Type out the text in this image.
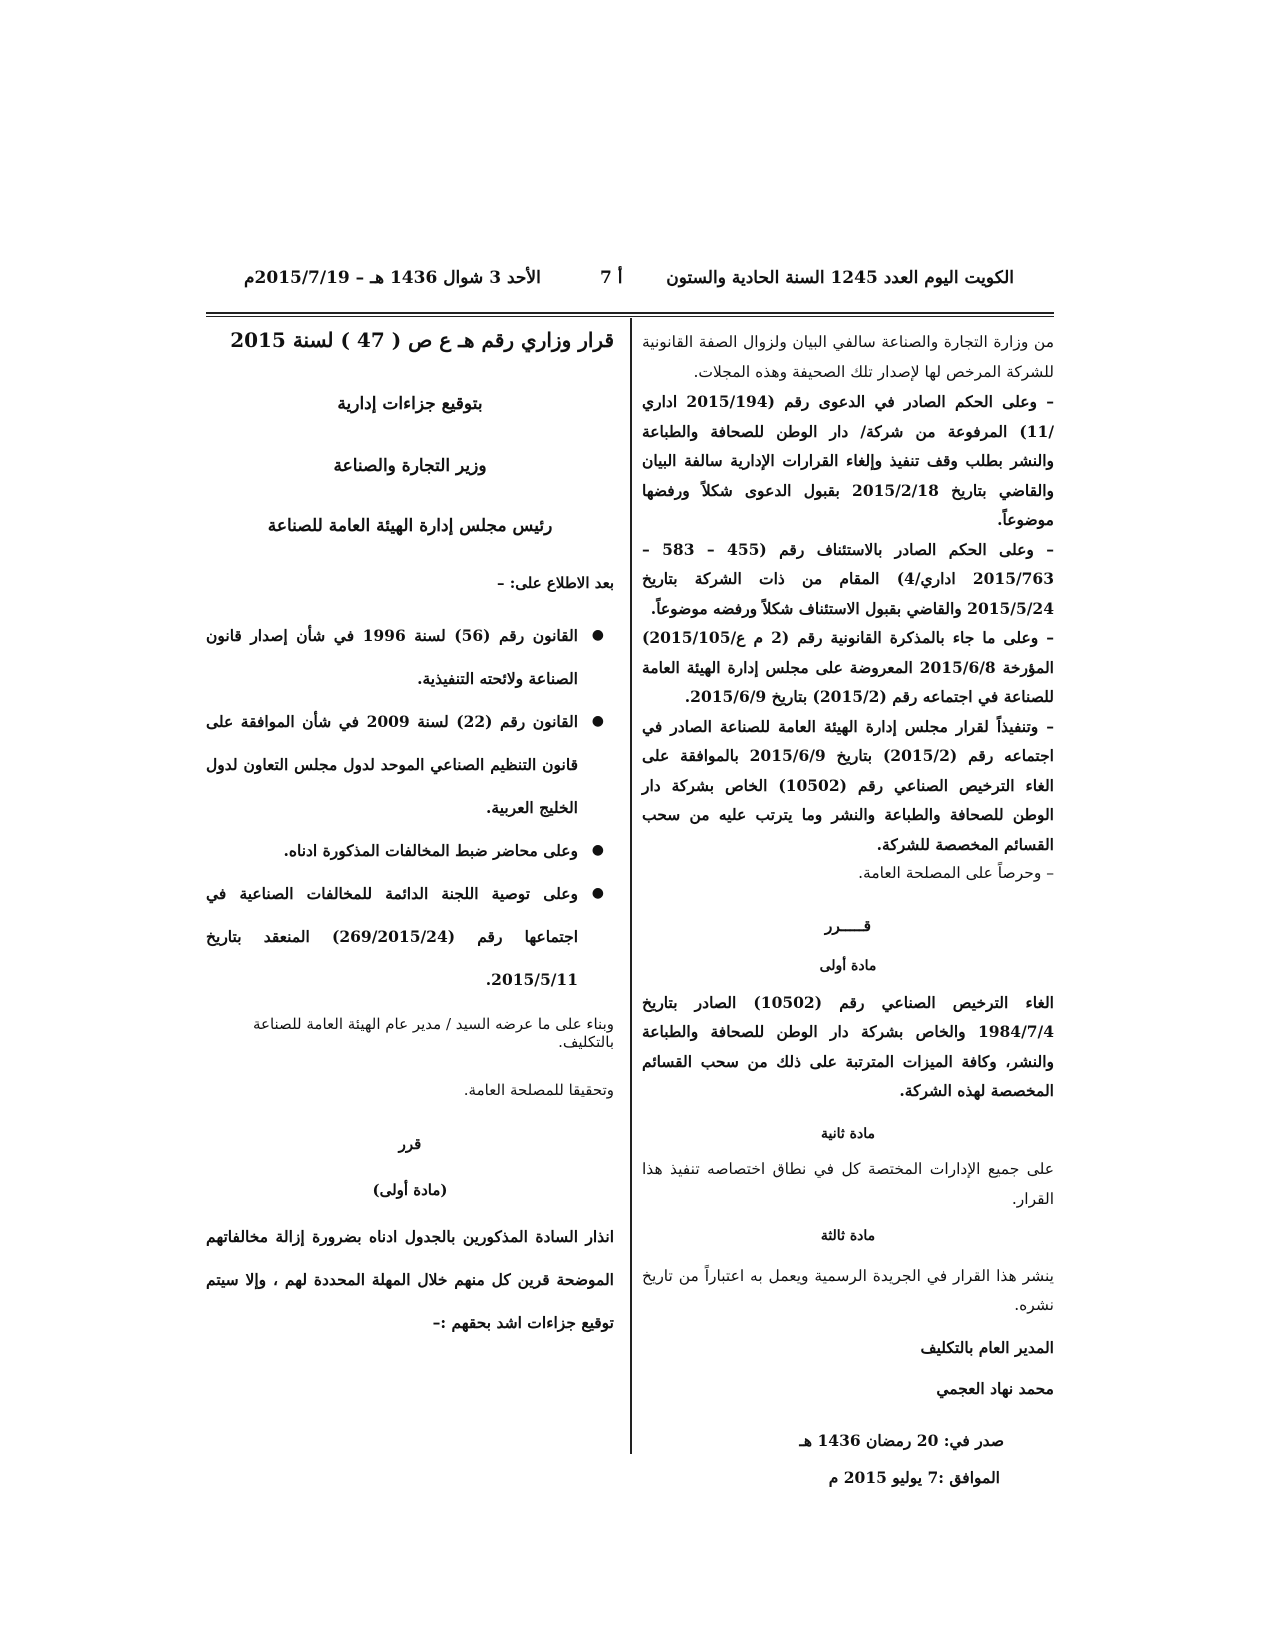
الكويت اليوم العدد 1245 السنة الحادية والستون
أ 7
الأحد 3 شوال 1436 هـ – 2015/7/19م

من وزارة التجارة والصناعة سالفي البيان ولزوال الصفة القانونية للشركة المرخص لها لإصدار تلك الصحيفة وهذه المجلات.

– وعلى الحكم الصادر في الدعوى رقم (2015/194 اداري /11) المرفوعة من شركة/ دار الوطن للصحافة والطباعة والنشر بطلب وقف تنفيذ وإلغاء القرارات الإدارية سالفة البيان والقاضي بتاريخ 2015/2/18 بقبول الدعوى شكلاً ورفضها موضوعاً.

– وعلى الحكم الصادر بالاستئناف رقم (455 – 583 – 2015/763 اداري/4) المقام من ذات الشركة بتاريخ 2015/5/24 والقاضي بقبول الاستئناف شكلاً ورفضه موضوعاً.

– وعلى ما جاء بالمذكرة القانونية رقم (2 م ع/2015/105) المؤرخة 2015/6/8 المعروضة على مجلس إدارة الهيئة العامة للصناعة في اجتماعه رقم (2015/2) بتاريخ 2015/6/9.

– وتنفيذاً لقرار مجلس إدارة الهيئة العامة للصناعة الصادر في اجتماعه رقم (2015/2) بتاريخ 2015/6/9 بالموافقة على الغاء الترخيص الصناعي رقم (10502) الخاص بشركة دار الوطن للصحافة والطباعة والنشر وما يترتب عليه من سحب القسائم المخصصة للشركة.

– وحرصاً على المصلحة العامة.

قـــــرر

مادة أولى

الغاء الترخيص الصناعي رقم (10502) الصادر بتاريخ 1984/7/4 والخاص بشركة دار الوطن للصحافة والطباعة والنشر، وكافة الميزات المترتبة على ذلك من سحب القسائم المخصصة لهذه الشركة.

مادة ثانية

على جميع الإدارات المختصة كل في نطاق اختصاصه تنفيذ هذا القرار.

مادة ثالثة

ينشر هذا القرار في الجريدة الرسمية ويعمل به اعتباراً من تاريخ نشره.

المدير العام بالتكليف

محمد نهاد العجمي

صدر في: 20 رمضان 1436 هـ

الموافق :7 يوليو 2015 م

قرار وزاري رقم هـ ع ص ( 47 ) لسنة 2015

بتوقيع جزاءات إدارية

وزير التجارة والصناعة

رئيس مجلس إدارة الهيئة العامة للصناعة

بعد الاطلاع على: –

●
القانون رقم (56) لسنة 1996 في شأن إصدار قانون الصناعة ولائحته التنفيذية.
●
القانون رقم (22) لسنة 2009 في شأن الموافقة على قانون التنظيم الصناعي الموحد لدول مجلس التعاون لدول الخليج العربية.
●
وعلى محاضر ضبط المخالفات المذكورة ادناه.
●
وعلى توصية اللجنة الدائمة للمخالفات الصناعية في اجتماعها رقم (269/2015/24) المنعقد بتاريخ 2015/5/11.

وبناء على ما عرضه السيد / مدير عام الهيئة العامة للصناعة بالتكليف.

وتحقيقا للمصلحة العامة.

قرر

(مادة أولى)

انذار السادة المذكورين بالجدول ادناه بضرورة إزالة مخالفاتهم الموضحة قرين كل منهم خلال المهلة المحددة لهم ، وإلا سيتم توقيع جزاءات اشد بحقهم :–
